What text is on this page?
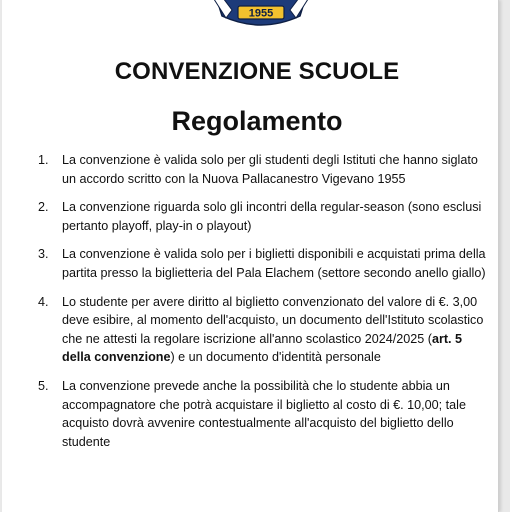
1955
CONVENZIONE SCUOLE
Regolamento
1. La convenzione è valida solo per gli studenti degli Istituti che hanno siglato un accordo scritto con la Nuova Pallacanestro Vigevano 1955
2. La convenzione riguarda solo gli incontri della regular-season (sono esclusi pertanto playoff, play-in o playout)
3. La convenzione è valida solo per i biglietti disponibili e acquistati prima della partita presso la biglietteria del Pala Elachem (settore secondo anello giallo)
4. Lo studente per avere diritto al biglietto convenzionato del valore di €. 3,00 deve esibire, al momento dell'acquisto, un documento dell'Istituto scolastico che ne attesti la regolare iscrizione all'anno scolastico 2024/2025 (art. 5 della convenzione) e un documento d'identità personale
5. La convenzione prevede anche la possibilità che lo studente abbia un accompagnatore che potrà acquistare il biglietto al costo di €. 10,00; tale acquisto dovrà avvenire contestualmente all'acquisto del biglietto dello studente
